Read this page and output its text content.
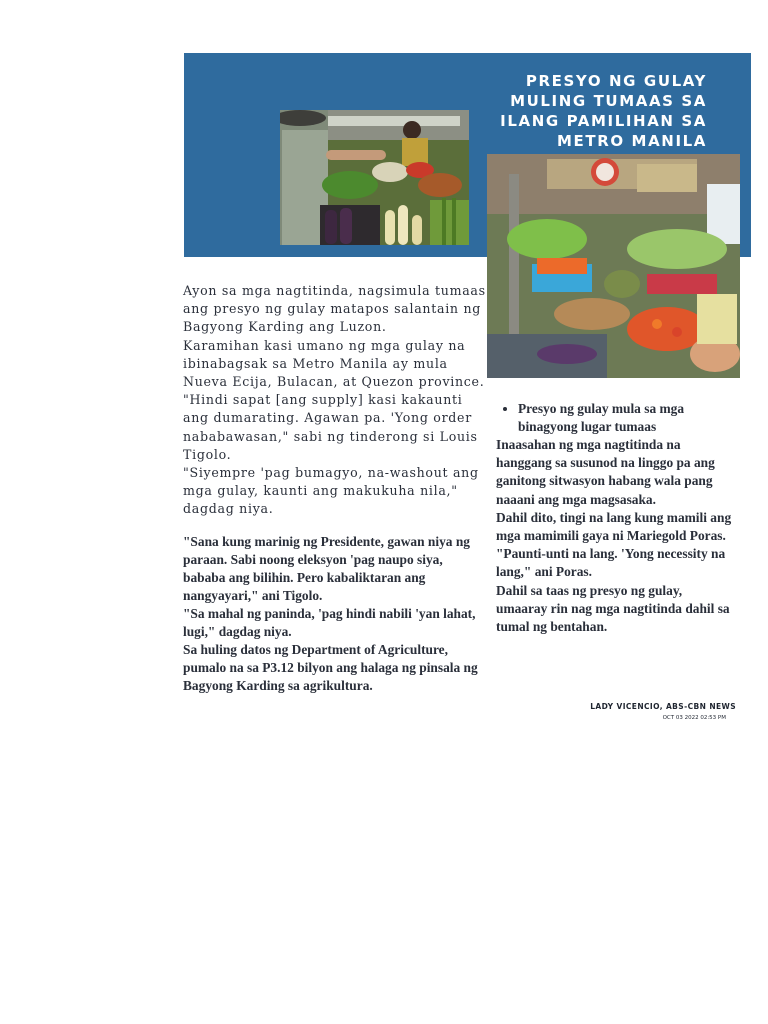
PRESYO NG GULAY MULING TUMAAS SA ILANG PAMILIHAN SA METRO MANILA

Ayon sa mga nagtitinda, nagsimula tumaas ang presyo ng gulay matapos salantain ng Bagyong Karding ang Luzon.
Karamihan kasi umano ng mga gulay na ibinabagsak sa Metro Manila ay mula Nueva Ecija, Bulacan, at Quezon province.
"Hindi sapat [ang supply] kasi kakaunti ang dumarating. Agawan pa. 'Yong order nababawasan," sabi ng tinderong si Louis Tigolo.
"Siyempre 'pag bumagyo, na-washout ang mga gulay, kaunti ang makukuha nila," dagdag niya.

"Sana kung marinig ng Presidente, gawan niya ng paraan. Sabi noong eleksyon 'pag naupo siya, bababa ang bilihin. Pero kabaliktaran ang nangyayari," ani Tigolo.
"Sa mahal ng paninda, 'pag hindi nabili 'yan lahat, lugi," dagdag niya.
Sa huling datos ng Department of Agriculture, pumalo na sa P3.12 bilyon ang halaga ng pinsala ng Bagyong Karding sa agrikultura.

• Presyo ng gulay mula sa mga binagyong lugar tumaas

Inaasahan ng mga nagtitinda na hanggang sa susunod na linggo pa ang ganitong sitwasyon habang wala pang naaani ang mga magsasaka.
Dahil dito, tingi na lang kung mamili ang mga mamimili gaya ni Mariegold Poras.
"Paunti-unti na lang. 'Yong necessity na lang," ani Poras.
Dahil sa taas ng presyo ng gulay, umaaray rin nag mga nagtitinda dahil sa tumal ng bentahan.

LADY VICENCIO, ABS-CBN NEWS
OCT 03 2022 02:53 PM
